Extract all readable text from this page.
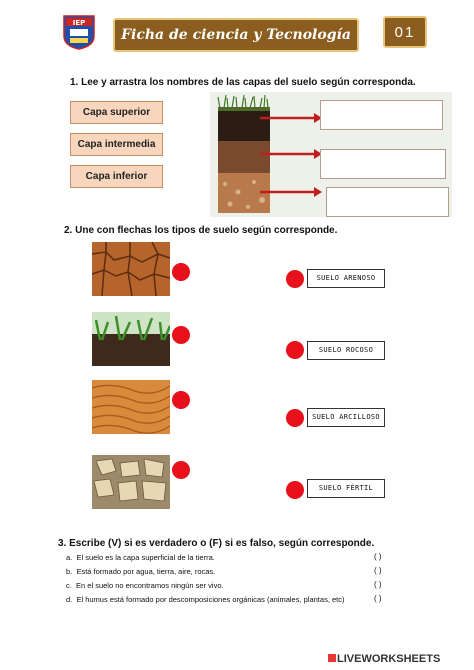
IEP
Ficha de ciencia y Tecnología	01
1. Lee y arrastra los nombres de las capas del suelo según corresponda.
Capa superior
Capa intermedia
Capa inferior
2. Une con flechas los tipos de suelo según corresponde.
SUELO ARENOSO
SUELO ROCOSO
SUELO ARCILLOSO
SUELO FÉRTIL
3. Escribe (V) si es verdadero o (F) si es falso, según corresponde.
a. El suelo es la capa superficial de la tierra.	( )
b. Está formado por agua, tierra, aire, rocas.	( )
c. En el suelo no encontramos ningún ser vivo.	( )
d. El humus está formado por descomposiciones orgánicas (animales, plantas, etc)	( )
LIVEWORKSHEETS
